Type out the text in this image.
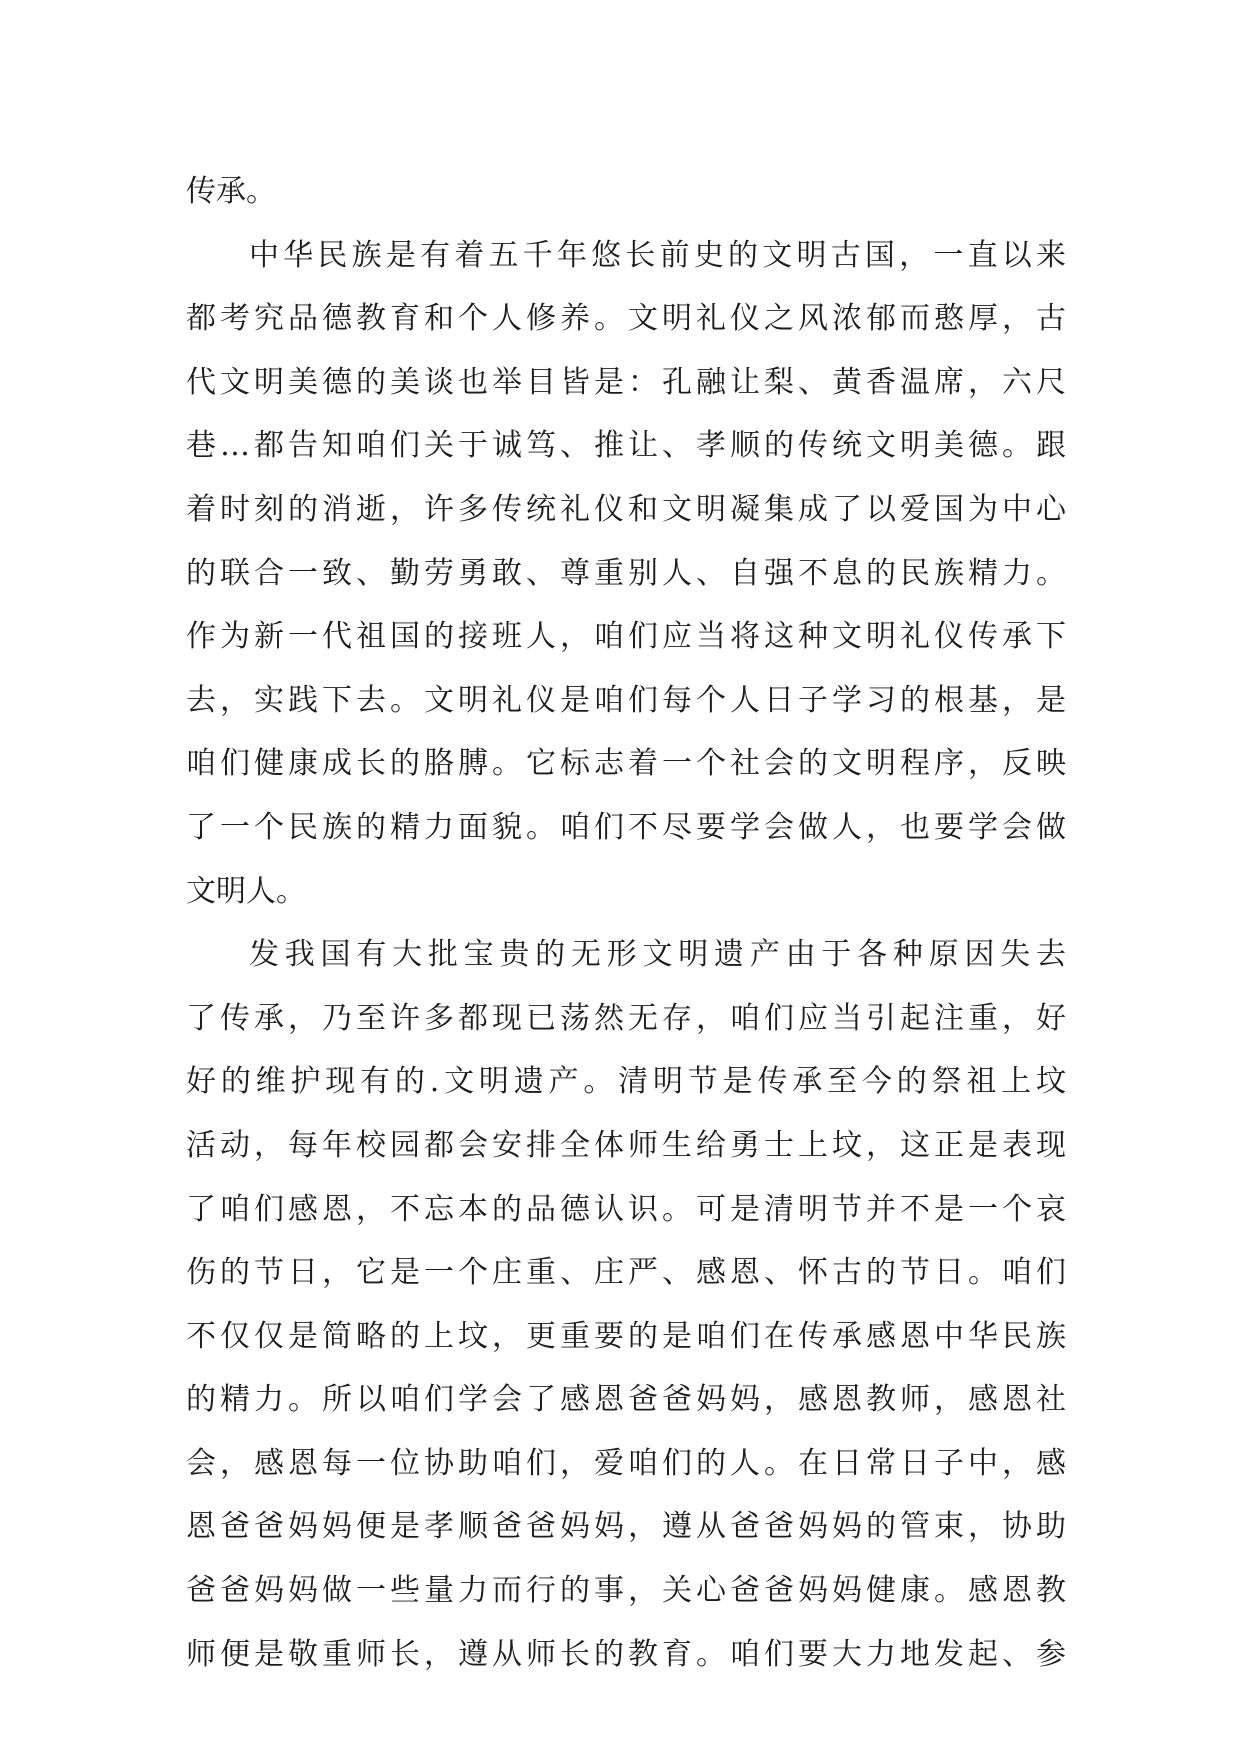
传承。
中华民族是有着五千年悠长前史的文明古国，一直以来
都考究品德教育和个人修养。文明礼仪之风浓郁而憨厚，古
代文明美德的美谈也举目皆是：孔融让梨、黄香温席，六尺
巷…都告知咱们关于诚笃、推让、孝顺的传统文明美德。跟
着时刻的消逝，许多传统礼仪和文明凝集成了以爱国为中心
的联合一致、勤劳勇敢、尊重别人、自强不息的民族精力。
作为新一代祖国的接班人，咱们应当将这种文明礼仪传承下
去，实践下去。文明礼仪是咱们每个人日子学习的根基，是
咱们健康成长的胳膊。它标志着一个社会的文明程序，反映
了一个民族的精力面貌。咱们不尽要学会做人，也要学会做
文明人。
发我国有大批宝贵的无形文明遗产由于各种原因失去
了传承，乃至许多都现已荡然无存，咱们应当引起注重，好
好的维护现有的.文明遗产。清明节是传承至今的祭祖上坟
活动，每年校园都会安排全体师生给勇士上坟，这正是表现
了咱们感恩，不忘本的品德认识。可是清明节并不是一个哀
伤的节日，它是一个庄重、庄严、感恩、怀古的节日。咱们
不仅仅是简略的上坟，更重要的是咱们在传承感恩中华民族
的精力。所以咱们学会了感恩爸爸妈妈，感恩教师，感恩社
会，感恩每一位协助咱们，爱咱们的人。在日常日子中，感
恩爸爸妈妈便是孝顺爸爸妈妈，遵从爸爸妈妈的管束，协助
爸爸妈妈做一些量力而行的事，关心爸爸妈妈健康。感恩教
师便是敬重师长，遵从师长的教育。咱们要大力地发起、参
